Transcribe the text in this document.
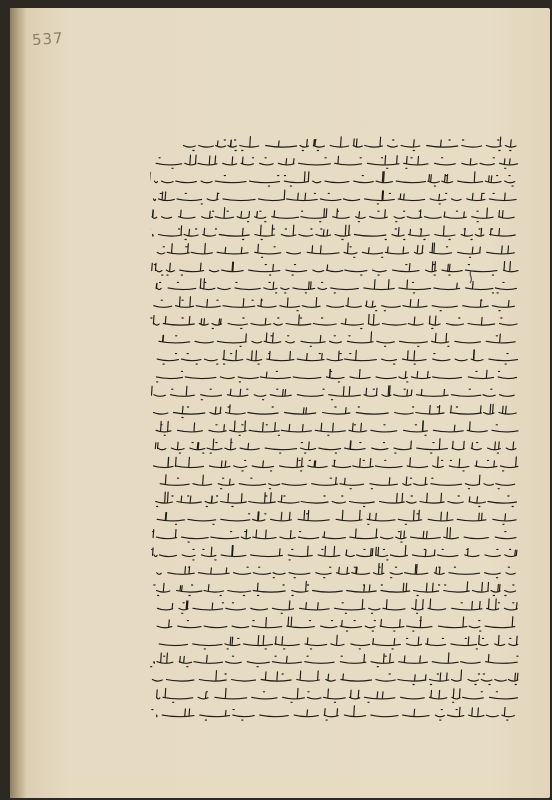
537
